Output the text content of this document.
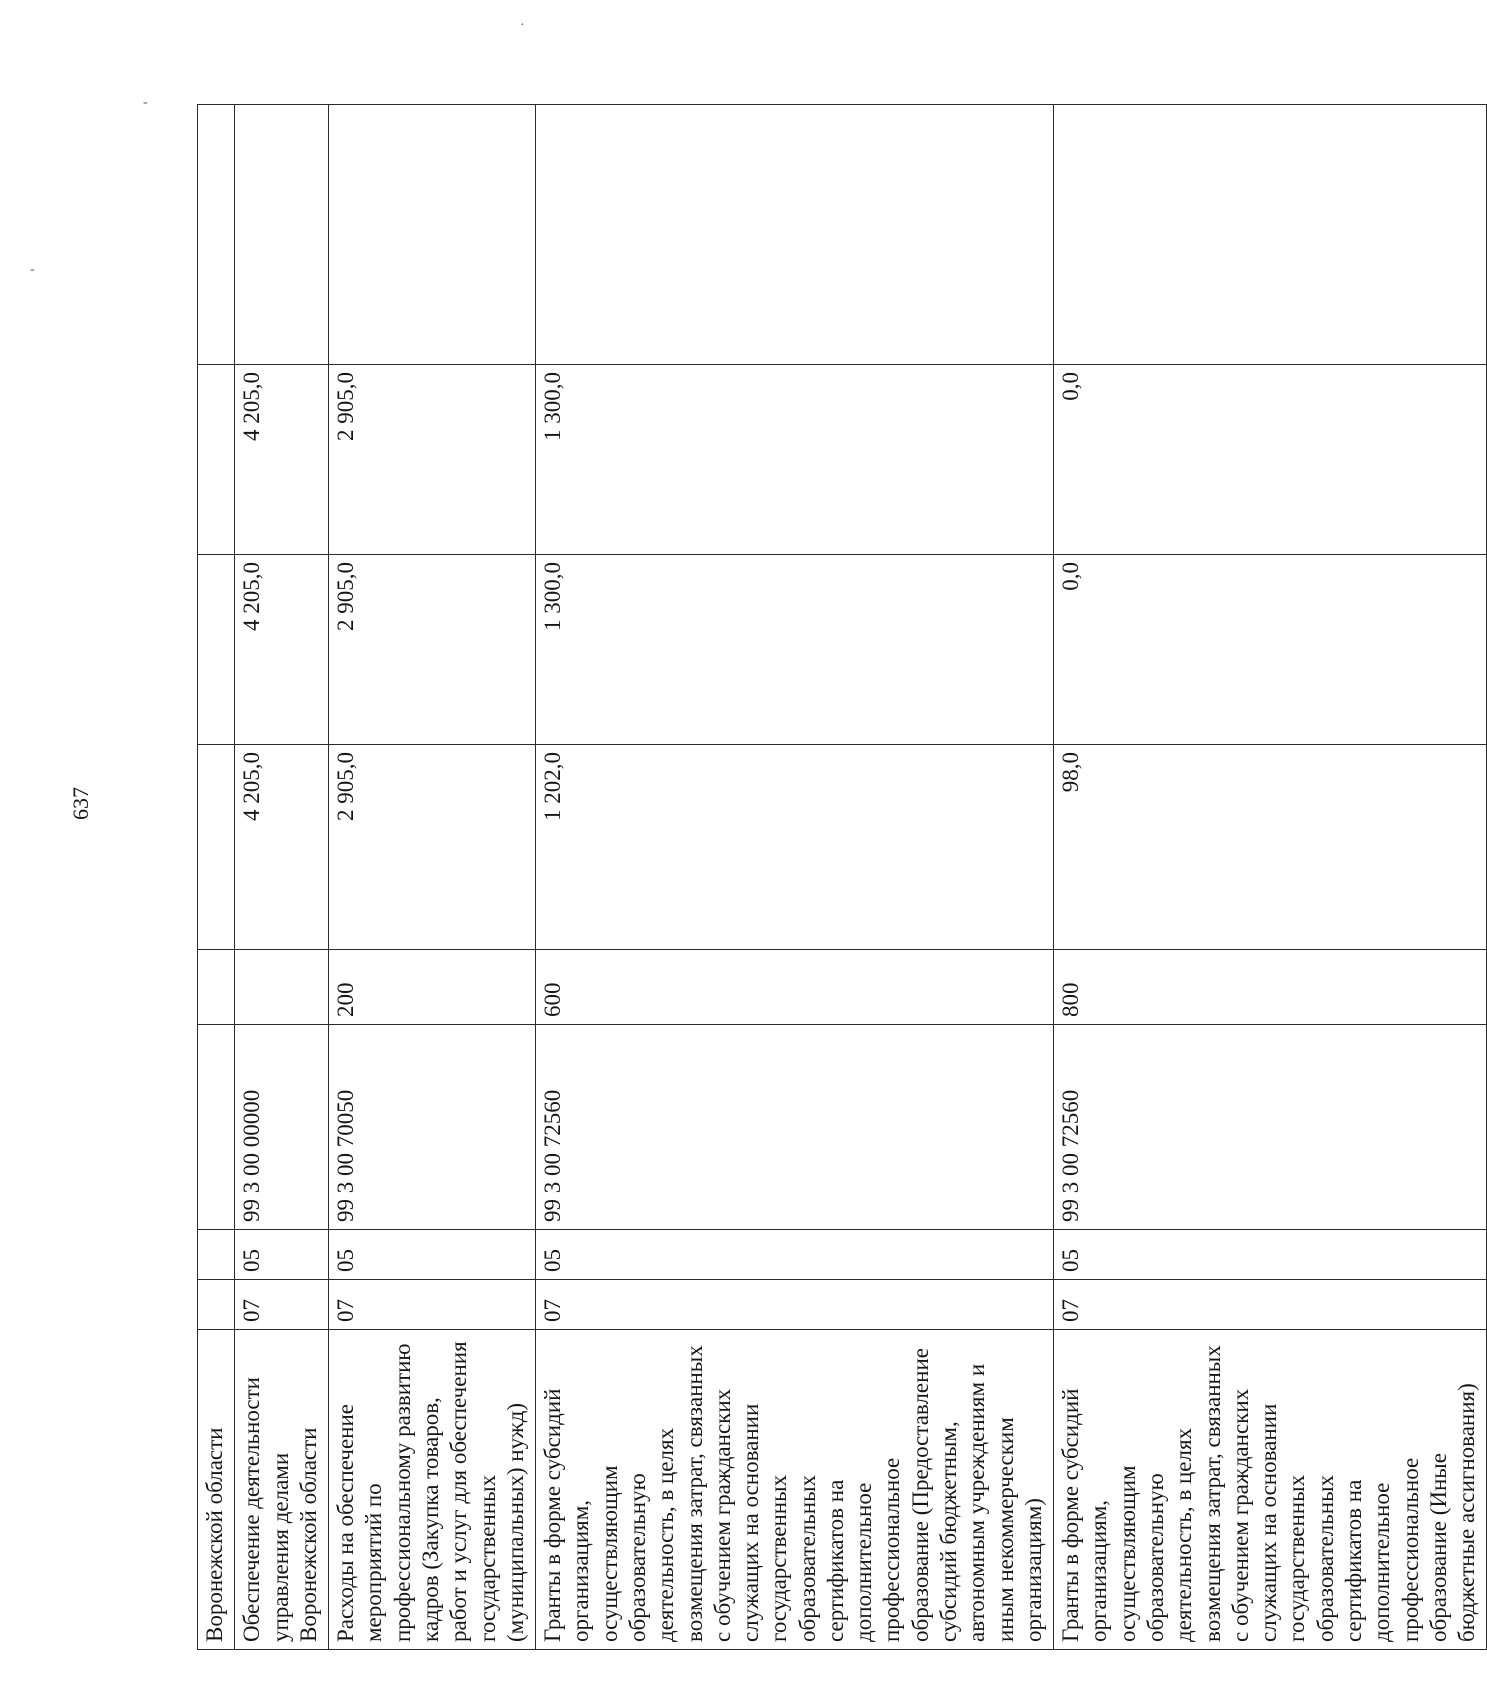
637
·
-
-
Воронежской области								
Обеспечение деятельности управления делами Воронежской области	07	05	99 3 00 00000		4 205,0	4 205,0	4 205,0	
Расходы на обеспечение мероприятий по профессиональному развитию кадров (Закупка товаров, работ и услуг для обеспечения государственных (муниципальных) нужд)	07	05	99 3 00 70050	200	2 905,0	2 905,0	2 905,0	
Гранты в форме субсидий организациям, осуществляющим образовательную деятельность, в целях возмещения затрат, связанных с обучением гражданских служащих на основании государственных образовательных сертификатов на дополнительное профессиональное образование (Предоставление субсидий бюджетным, автономным учреждениям и иным некоммерческим организациям)	07	05	99 3 00 72560	600	1 202,0	1 300,0	1 300,0	
Гранты в форме субсидий организациям, осуществляющим образовательную деятельность, в целях возмещения затрат, связанных с обучением гражданских служащих на основании государственных образовательных сертификатов на дополнительное профессиональное образование (Иные бюджетные ассигнования)	07	05	99 3 00 72560	800	98,0	0,0	0,0	
